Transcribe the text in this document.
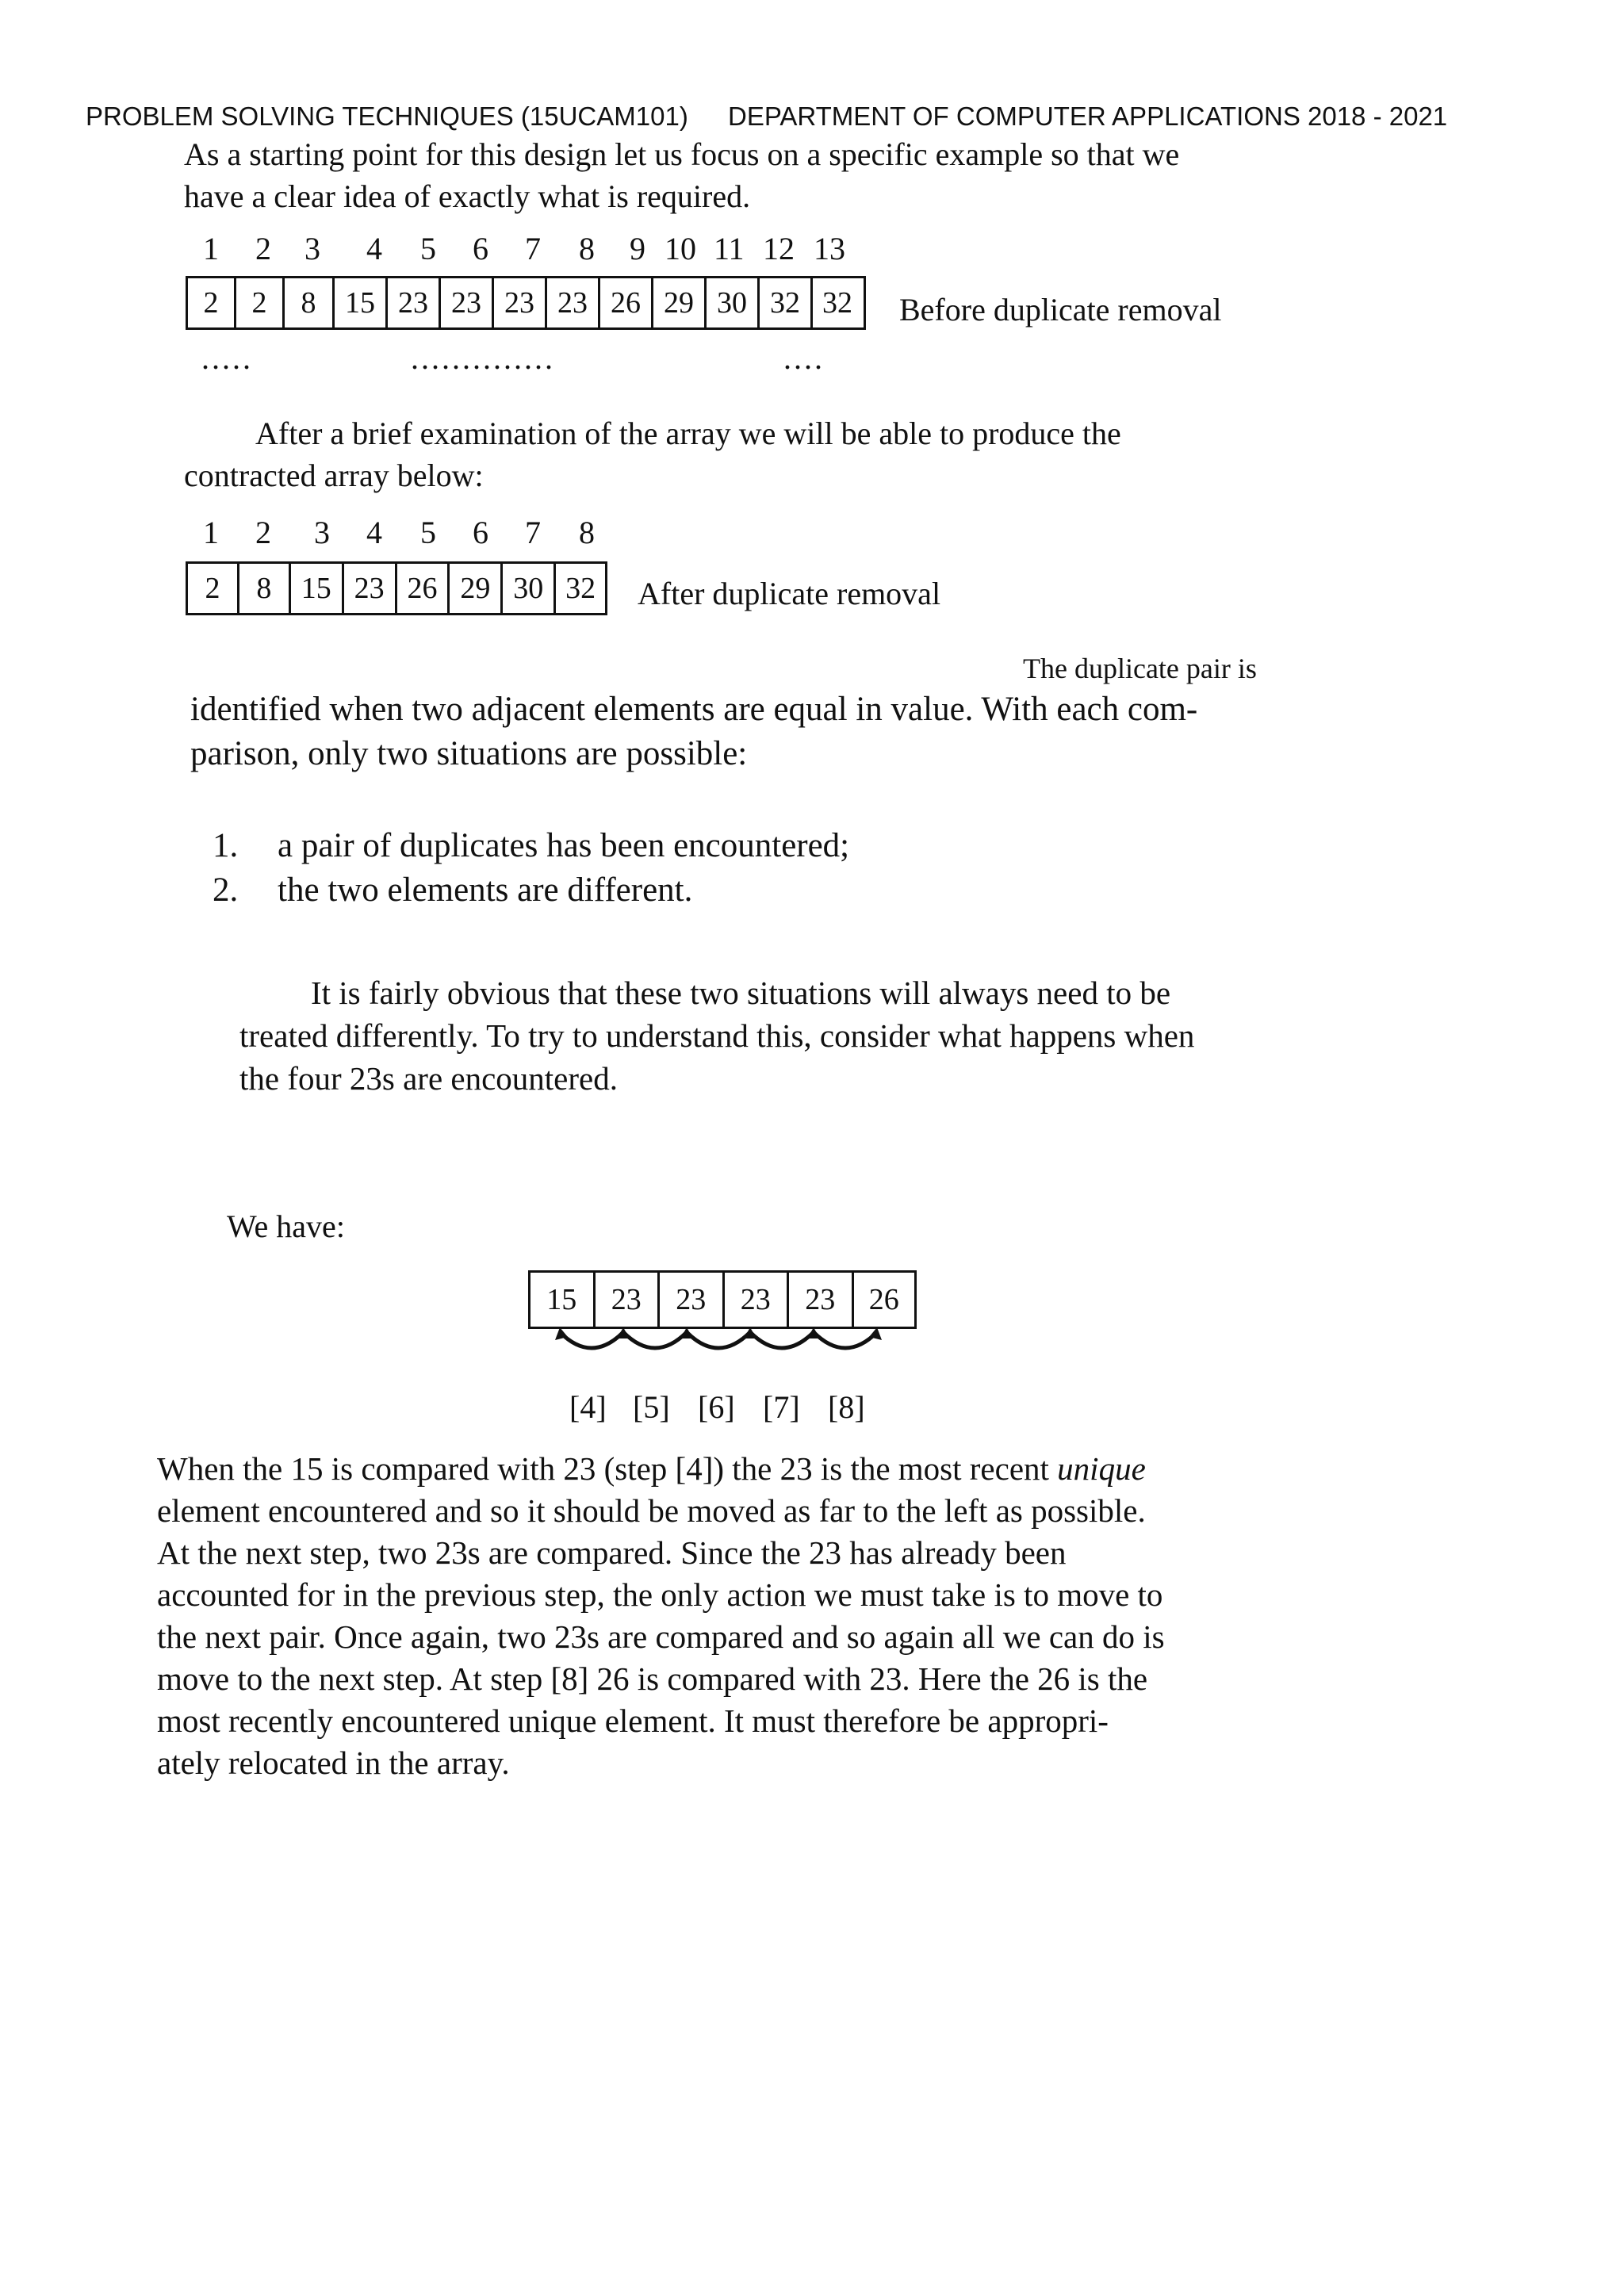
PROBLEM SOLVING TECHNIQUES (15UCAM101) DEPARTMENT OF COMPUTER APPLICATIONS 2018 - 2021
As a starting point for this design let us focus on a specific example so that we
have a clear idea of exactly what is required.
1 2 3 4 5 6 7 8 9 10 11 12 13
2	2	8 15 23 23 23 23 26 29 30 32 32	Before duplicate removal
.....	..............	....
After a brief examination of the array we will be able to produce the
contracted array below:
1 2 3 4 5 6 7 8
2	8 15 23 26 29 30 32 After duplicate removal
The duplicate pair is
identified when two adjacent elements are equal in value. With each com-
parison, only two situations are possible:
1. a pair of duplicates has been encountered;
2. the two elements are different.
It is fairly obvious that these two situations will always need to be
treated differently. To try to understand this, consider what happens when
the four 23s are encountered.
We have:
15	23	23	23	23	26
[4] [5] [6] [7] [8]
When the 15 is compared with 23 (step [4]) the 23 is the most recent unique
element encountered and so it should be moved as far to the left as possible.
At the next step, two 23s are compared. Since the 23 has already been
accounted for in the previous step, the only action we must take is to move to
the next pair. Once again, two 23s are compared and so again all we can do is
move to the next step. At step [8] 26 is compared with 23. Here the 26 is the
most recently encountered unique element. It must therefore be appropri-
ately relocated in the array.
